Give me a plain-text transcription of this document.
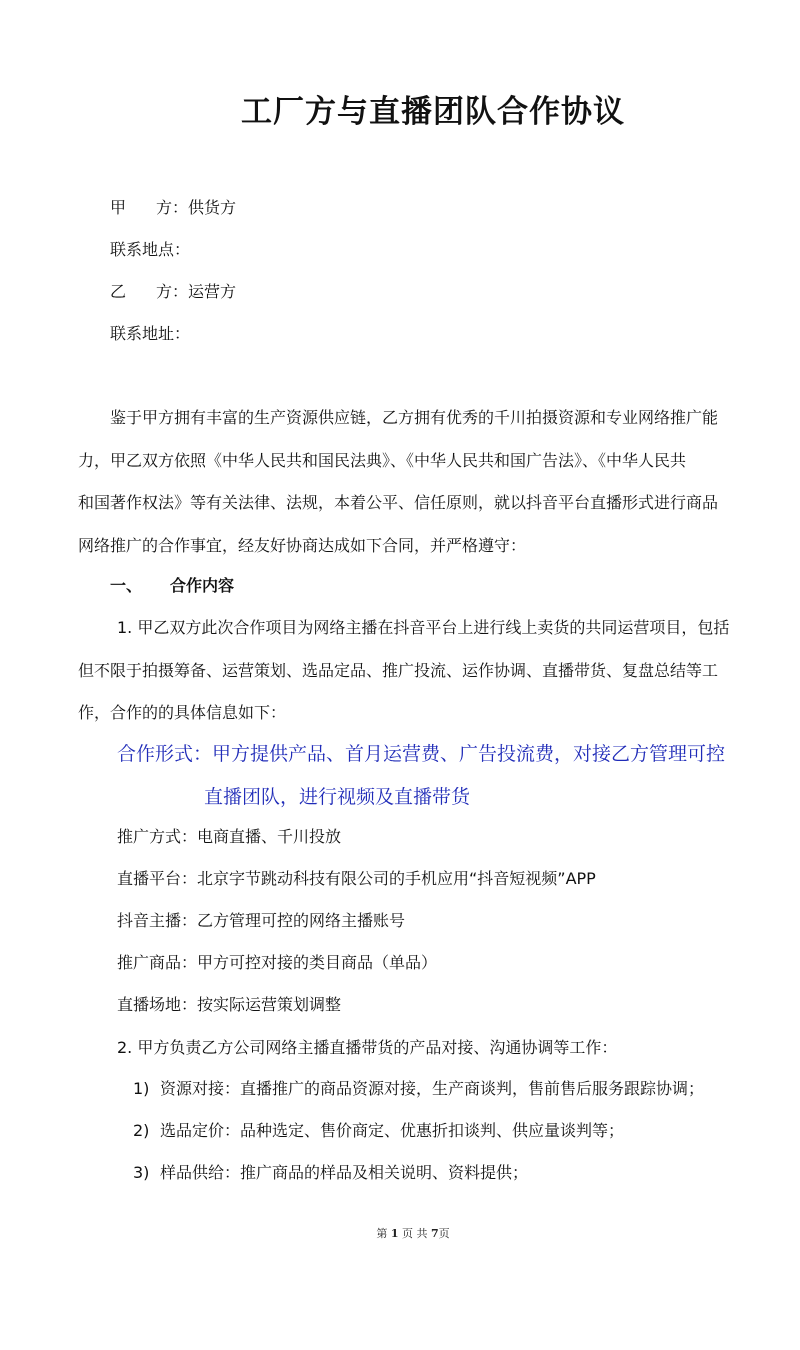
工厂方与直播团队合作协议
甲 方：供货方
联系地点：
乙 方：运营方
联系地址：
鉴于甲方拥有丰富的生产资源供应链，乙方拥有优秀的千川拍摄资源和专业网络推广能
力，甲乙双方依照《中华人民共和国民法典》、《中华人民共和国广告法》、《中华人民共
和国著作权法》等有关法律、法规，本着公平、信任原则，就以抖音平台直播形式进行商品
网络推广的合作事宜，经友好协商达成如下合同，并严格遵守：
一、 合作内容
1. 甲乙双方此次合作项目为网络主播在抖音平台上进行线上卖货的共同运营项目，包括
但不限于拍摄筹备、运营策划、选品定品、推广投流、运作协调、直播带货、复盘总结等工
作，合作的的具体信息如下：
合作形式：甲方提供产品、首月运营费、广告投流费，对接乙方管理可控
直播团队，进行视频及直播带货
推广方式：电商直播、千川投放
直播平台：北京字节跳动科技有限公司的手机应用“抖音短视频”APP
抖音主播：乙方管理可控的网络主播账号
推广商品：甲方可控对接的类目商品（单品）
直播场地：按实际运营策划调整
2. 甲方负责乙方公司网络主播直播带货的产品对接、沟通协调等工作：
1) 资源对接：直播推广的商品资源对接，生产商谈判，售前售后服务跟踪协调；
2) 选品定价：品种选定、售价商定、优惠折扣谈判、供应量谈判等；
3) 样品供给：推广商品的样品及相关说明、资料提供；
第 1 页 共 7页
